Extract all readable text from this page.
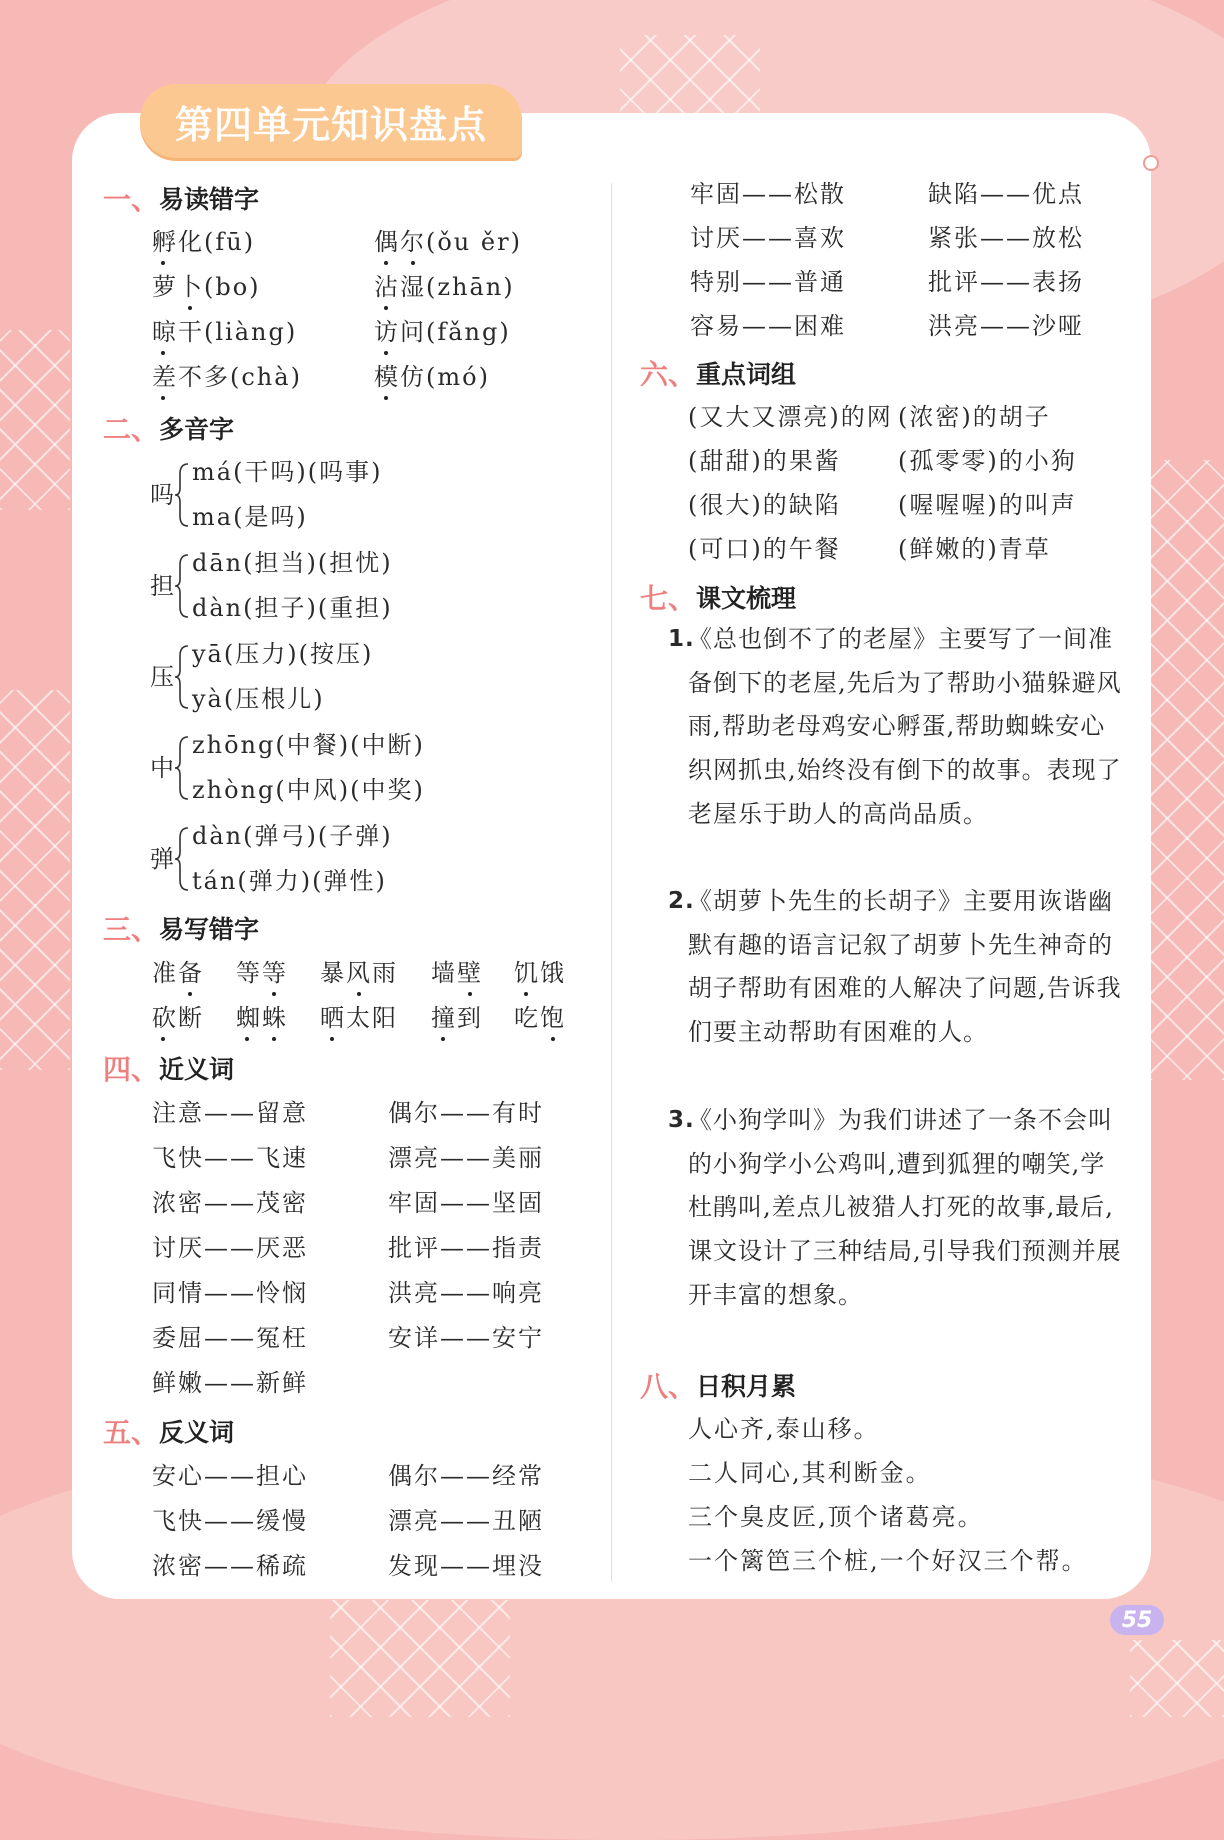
第四单元知识盘点
一、 易读错字
孵化(fū)	偶尔(ǒu ěr)
萝卜(bo)	沾湿(zhān)
晾干(liàng)	访问(fǎng)
差不多(chà)	模仿(mó)
二、 多音字
吗
má(干吗)(吗事)
ma(是吗)
担
dān(担当)(担忧)
dàn(担子)(重担)
压
yā(压力)(按压)
yà(压根儿)
中
zhōng(中餐)(中断)
zhòng(中风)(中奖)
弹
dàn(弹弓)(子弹)
tán(弹力)(弹性)
三、 易写错字
准备 等等 暴风雨 墙壁 饥饿
砍断 蜘蛛 晒太阳 撞到 吃饱
四、 近义词
注意——留意	偶尔——有时
飞快——飞速	漂亮——美丽
浓密——茂密	牢固——坚固
讨厌——厌恶	批评——指责
同情——怜悯	洪亮——响亮
委屈——冤枉	安详——安宁
鲜嫩——新鲜
五、 反义词
安心——担心	偶尔——经常
飞快——缓慢	漂亮——丑陋
浓密——稀疏	发现——埋没
牢固——松散	缺陷——优点
讨厌——喜欢	紧张——放松
特别——普通	批评——表扬
容易——困难	洪亮——沙哑
六、 重点词组
(又大又漂亮)的网 (浓密)的胡子
(甜甜)的果酱 (孤零零)的小狗
(很大)的缺陷 (喔喔喔)的叫声
(可口)的午餐 (鲜嫩的)青草
七、 课文梳理
1.
《总也倒不了的老屋》主要写了一间准备倒下的老屋,先后为了帮助小猫躲避风雨,帮助老母鸡安心孵蛋,帮助蜘蛛安心织网抓虫,始终没有倒下的故事。表现了老屋乐于助人的高尚品质。
2.
《胡萝卜先生的长胡子》主要用诙谐幽默有趣的语言记叙了胡萝卜先生神奇的胡子帮助有困难的人解决了问题,告诉我们要主动帮助有困难的人。
3.
《小狗学叫》为我们讲述了一条不会叫的小狗学小公鸡叫,遭到狐狸的嘲笑,学杜鹃叫,差点儿被猎人打死的故事,最后,课文设计了三种结局,引导我们预测并展开丰富的想象。
八、 日积月累
人心齐,泰山移。
二人同心,其利断金。
三个臭皮匠,顶个诸葛亮。
一个篱笆三个桩,一个好汉三个帮。
55
